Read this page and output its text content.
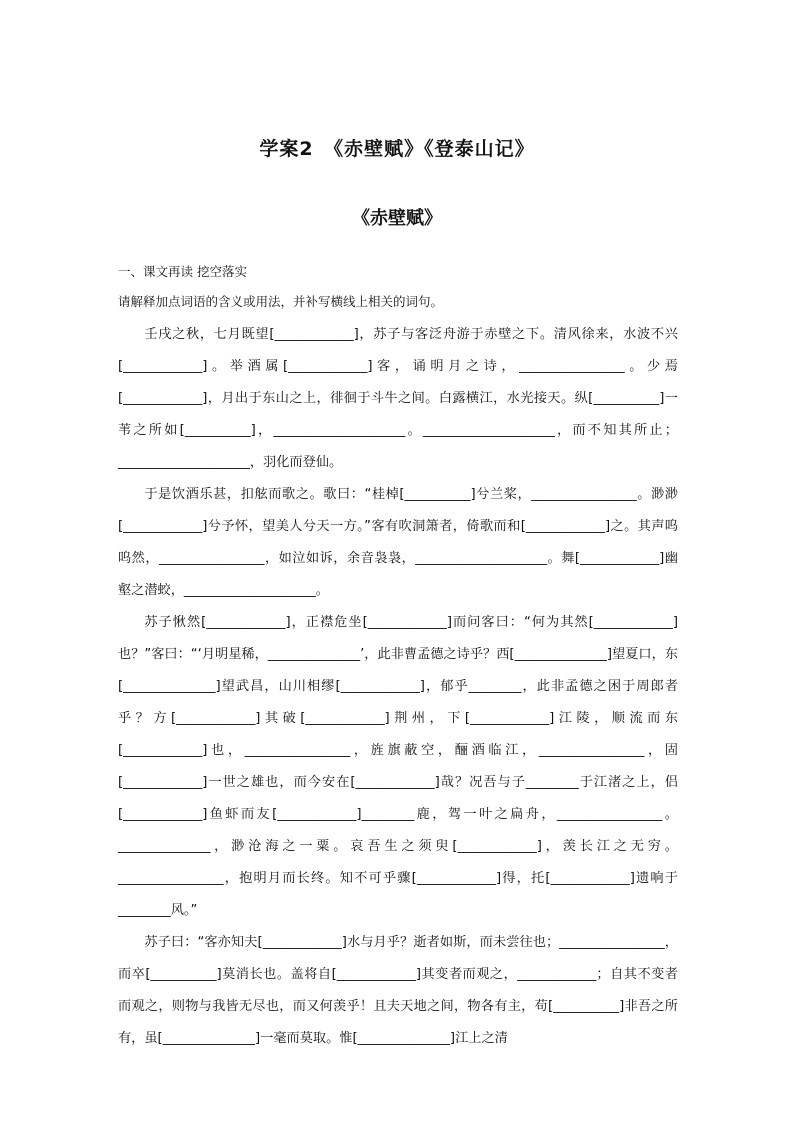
学案2　《赤壁赋》《登泰山记》
《赤壁赋》
一、课文再读 挖空落实
请解释加点词语的含义或用法，并补写横线上相关的词句。

壬戌之秋，七月既望[____________]，苏子与客泛舟游于赤壁之下。清风徐来，水波不兴[____________]。举酒属[____________]客，诵明月之诗，________________。少焉[____________]，月出于东山之上，徘徊于斗牛之间。白露横江，水光接天。纵[__________]一苇之所如[__________]，____________________。____________________，而不知其所止；____________________，羽化而登仙。

于是饮酒乐甚，扣舷而歌之。歌曰：“桂棹[__________]兮兰桨，________________。渺渺[____________]兮予怀，望美人兮天一方。”客有吹洞箫者，倚歌而和[____________]之。其声呜呜然，________________，如泣如诉，余音袅袅，____________________。舞[____________]幽壑之潜蛟，____________________。

苏子愀然[____________]，正襟危坐[____________]而问客曰：“何为其然[____________]也？”客曰：“‘月明星稀，______________’，此非曹孟德之诗乎？西[______________]望夏口，东[______________]望武昌，山川相缪[____________]，郁乎________，此非孟德之困于周郎者乎？方[____________]其破[____________]荆州，下[____________]江陵，顺流而东[____________]也，________________，旌旗蔽空，酾酒临江，________________，固[____________]一世之雄也，而今安在[____________]哉？况吾与子________于江渚之上，侣[____________]鱼虾而友[____________]________鹿，驾一叶之扁舟，________________。______________，渺沧海之一粟。哀吾生之须臾[____________]，羡长江之无穷。________________，抱明月而长终。知不可乎骤[____________]得，托[____________]遗响于________风。”

苏子曰：“客亦知夫[____________]水与月乎？逝者如斯，而未尝往也；________________，而卒[__________]莫消长也。盖将自[____________]其变者而观之，____________；自其不变者而观之，则物与我皆无尽也，而又何羡乎！且夫天地之间，物各有主，苟[__________]非吾之所有，虽[______________]一毫而莫取。惟[______________]江上之清
